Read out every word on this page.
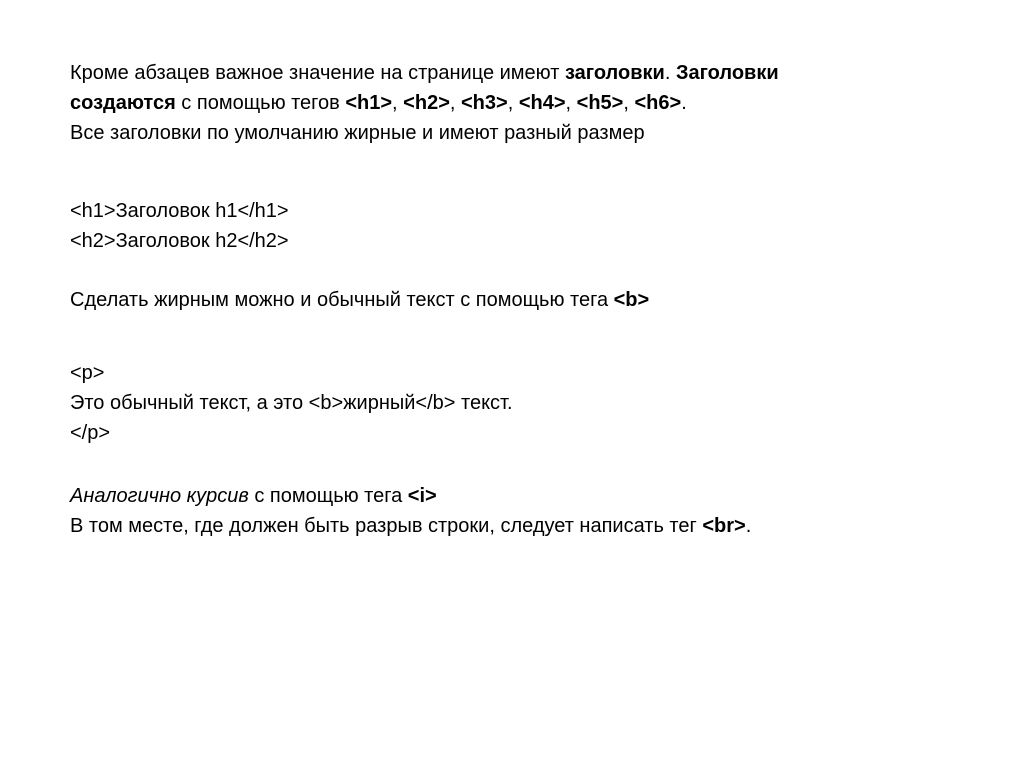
Кроме абзацев важное значение на странице имеют заголовки. Заголовки
создаются с помощью тегов <h1>, <h2>, <h3>, <h4>, <h5>, <h6>.
Все заголовки по умолчанию жирные и имеют разный размер
<h1>Заголовок h1</h1>
<h2>Заголовок h2</h2>
Сделать жирным можно и обычный текст с помощью тега <b>
<p>
Это обычный текст, а это <b>жирный</b> текст.
</p>
Аналогично курсив с помощью тега <i>
В том месте, где должен быть разрыв строки, следует написать тег <br>.
